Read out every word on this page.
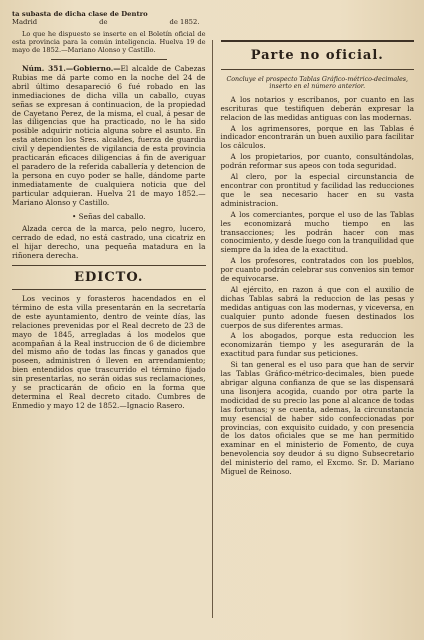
ta subasta de dicha clase de Dentro

Madrid	de	de 1852.

Lo que he dispuesto se inserte en el Boletín oficial de esta provincia para la común inteligencia. Huelva 19 de mayo de 1852.—Mariano Alonso y Castillo.

Núm. 351.—Gobierno.—El alcalde de Cabezas Rubias me dá parte como en la noche del 24 de abril último desapareció 6 fué robado en las inmediaciones de dicha villa un caballo, cuyas señas se expresan á continuacion, de la propiedad de Cayetano Perez, de la misma, el cual, á pesar de las diligencias que ha practicado, no le ha sido posible adquirir noticia alguna sobre el asunto. En esta atencion los Sres. alcaldes, fuerza de guardia civil y dependientes de vigilancia de esta provincia practicarán eficaces diligencias á fin de averiguar el paradero de la referida caballería y detencion de la persona en cuyo poder se halle, dándome parte inmediatamente de cualquiera noticia que del particular adquieran. Huelva 21 de mayo 1852.—Mariano Alonso y Castillo.

• Señas del caballo.

Alzada cerca de la marca, pelo negro, lucero, cerrado de edad, no está castrado, una cicatriz en el hijar derecho, una pequeña matadura en la riñonera derecha.

EDICTO.

Los vecinos y forasteros hacendados en el término de esta villa presentarán en la secretaría de este ayuntamiento, dentro de veinte días, las relaciones prevenidas por el Real decreto de 23 de mayo de 1845, arregladas á los modelos que acompañan á la Real instruccion de 6 de diciembre del mismo año de todas las fincas y ganados que poseen, administren ó lleven en arrendamiento; bien entendidos que trascurrido el término fijado sin presentarlas, no serán oidas sus reclamaciones, y se practicarán de oficio en la forma que determina el Real decreto citado. Cumbres de Enmedio y mayo 12 de 1852.—Ignacio Rasero.

Parte no oficial.

Concluye el prospecto Tablas Gráfico-métrico-decimales, inserto en el número anterior.

A los notarios y escribanos, por cuanto en las escrituras que testifiquen deberán expresar la relacion de las medidas antiguas con las modernas.

A los agrimensores, porque en las Tablas é indicador encontrarán un buen auxilio para facilitar los cálculos.

A los propietarios, por cuanto, consultándolas, podrán reformar sus apeos con toda seguridad.

Al clero, por la especial circunstancia de encontrar con prontitud y facilidad las reducciones que le sea necesario hacer en su vasta administracion.

A los comerciantes, porque el uso de las Tablas les economizará mucho tiempo en las transacciones; les podrán hacer con mas conocimiento, y desde luego con la tranquilidad que siempre da la idea de la exactitud.

A los profesores, contratados con los pueblos, por cuanto podrán celebrar sus convenios sin temor de equivocarse.

Al ejército, en razon á que con el auxilio de dichas Tablas sabrá la reduccion de las pesas y medidas antiguas con las modernas, y viceversa, en cualquier punto adonde fuesen destinados los cuerpos de sus diferentes armas.

A los abogados, porque esta reduccion les economizarán tiempo y les asegurarán de la exactitud para fundar sus peticiones.

Si tan general es el uso para que han de servir las Tablas Gráfico-métrico-decimales, bien puede abrigar alguna confianza de que se las dispensará una lisonjera acogida, cuando por otra parte la modicidad de su precio las pone al alcance de todas las fortunas; y se cuenta, ademas, la circunstancia muy esencial de haber sido confeccionadas por provincias, con exquisito cuidado, y con presencia de los datos oficiales que se me han permitido examinar en el ministerio de Fomento, de cuya benevolencia soy deudor á su digno Subsecretario del ministerio del ramo, el Excmo. Sr. D. Mariano Miguel de Reinoso.
